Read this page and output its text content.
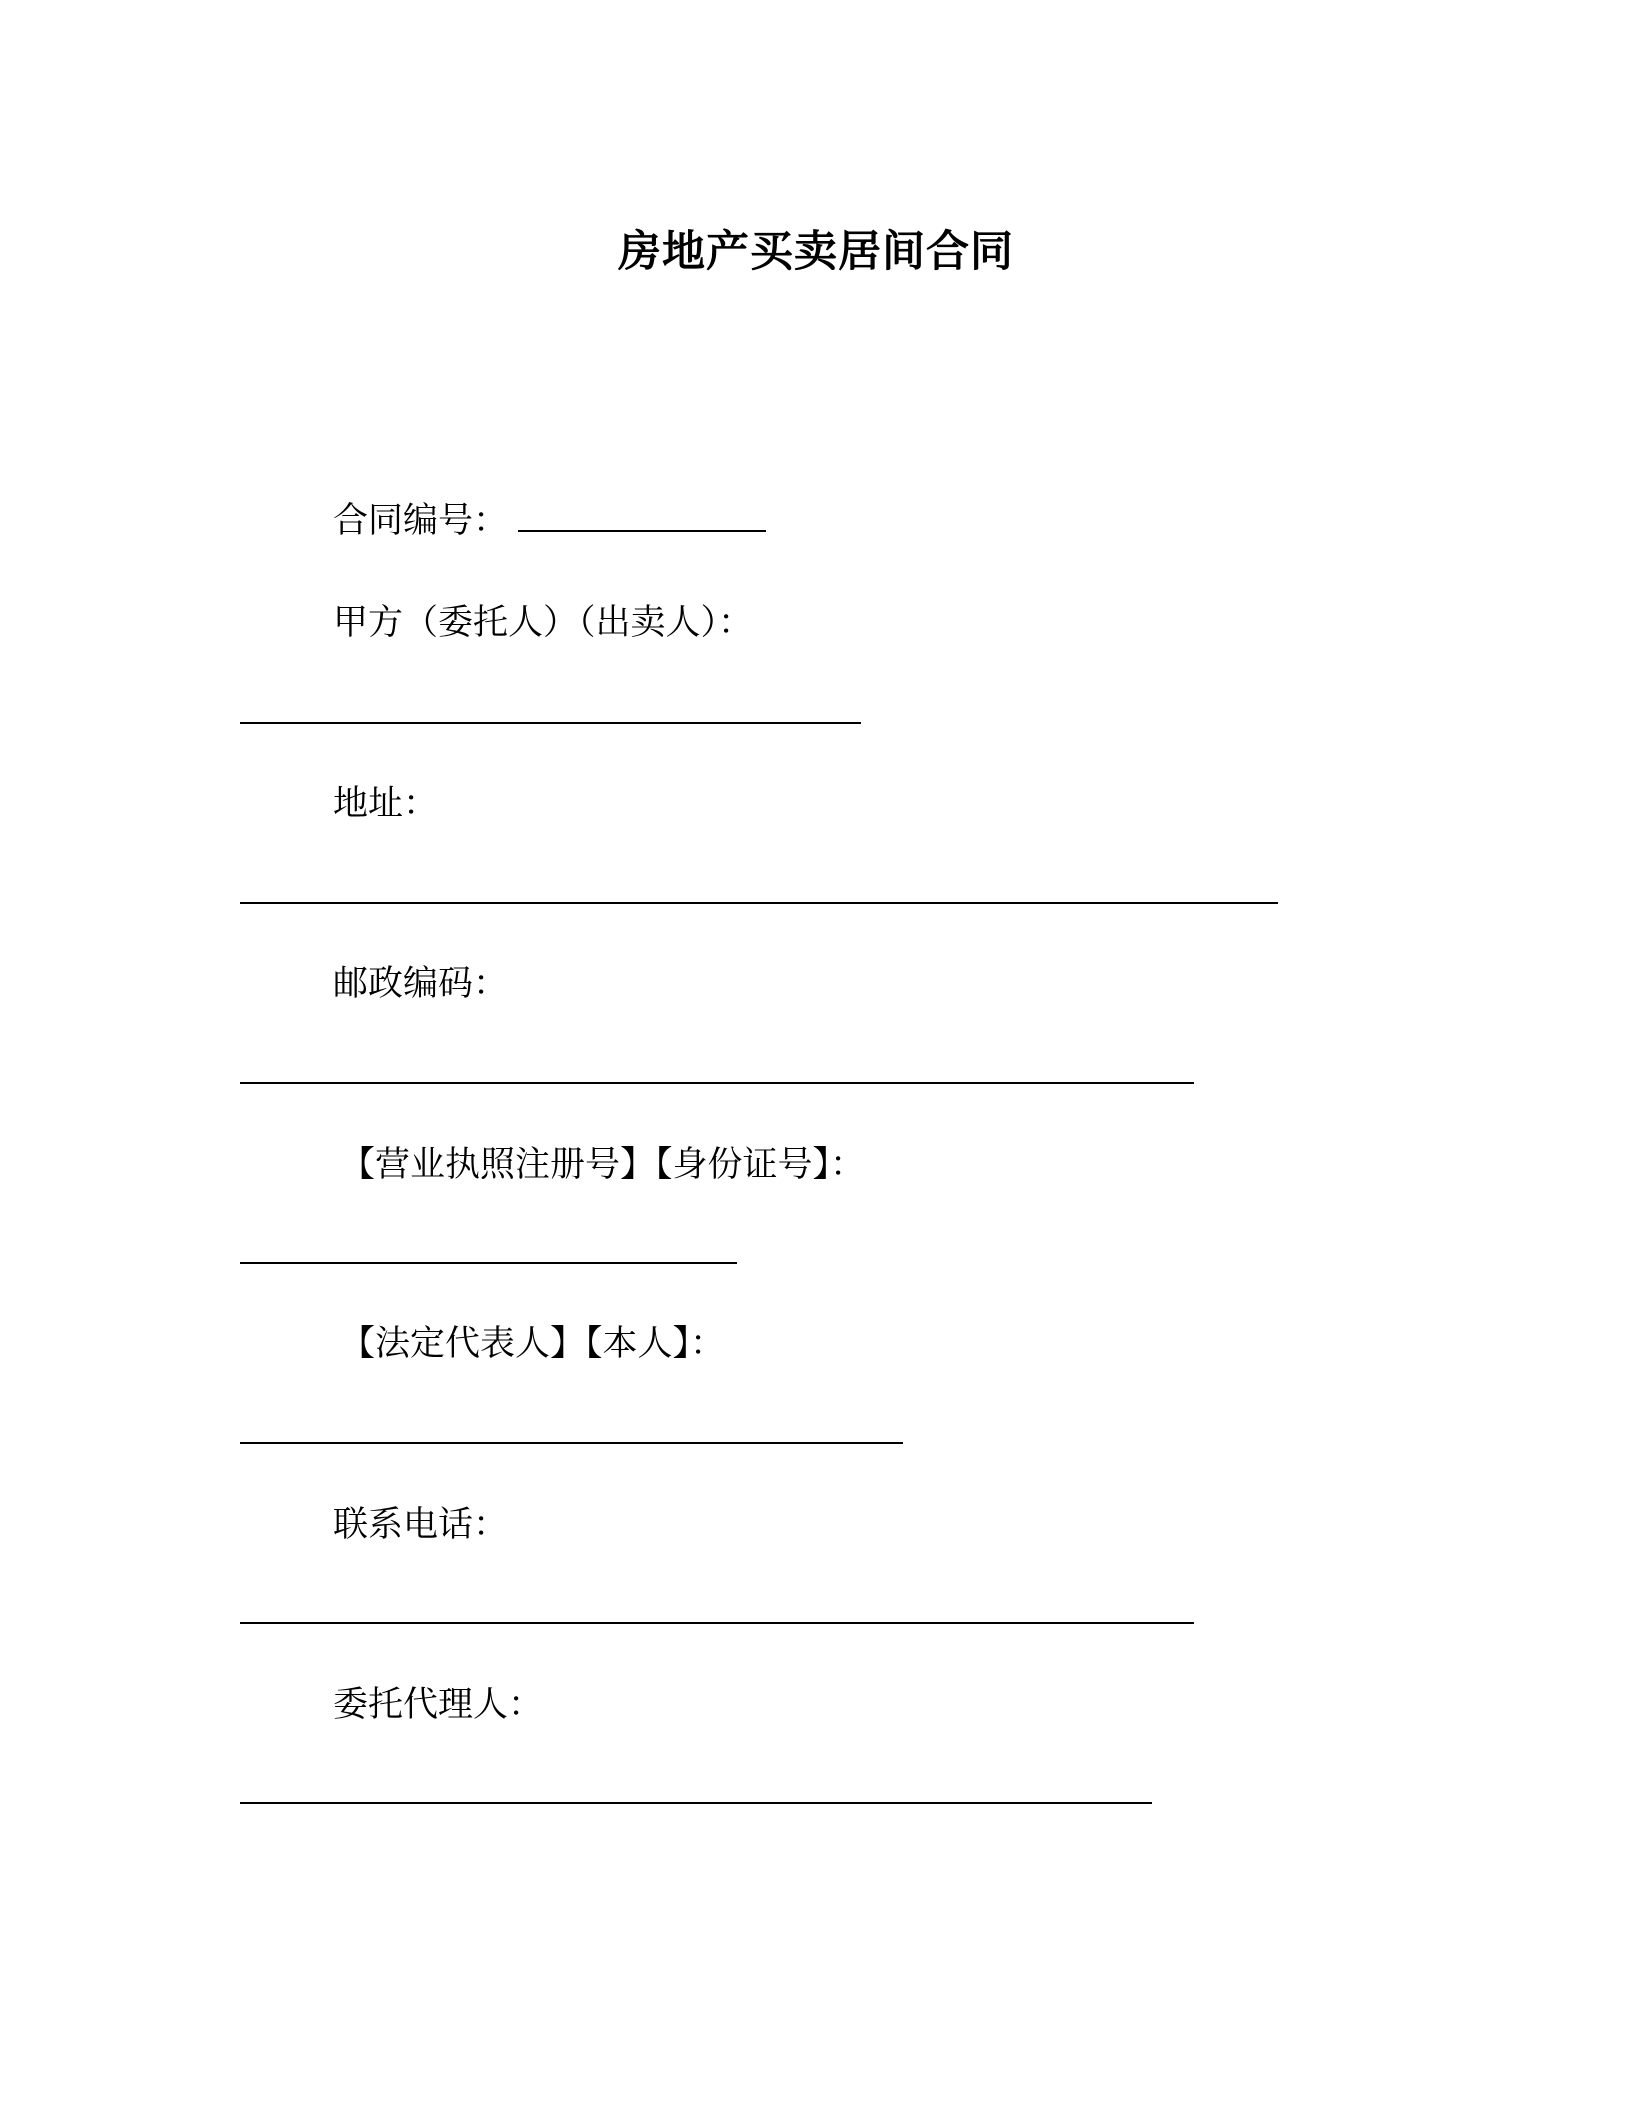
房地产买卖居间合同
合同编号：
甲方（委托人）（出卖人）：
地址：
邮政编码：
【营业执照注册号】【身份证号】：
【法定代表人】【本人】：
联系电话：
委托代理人：
